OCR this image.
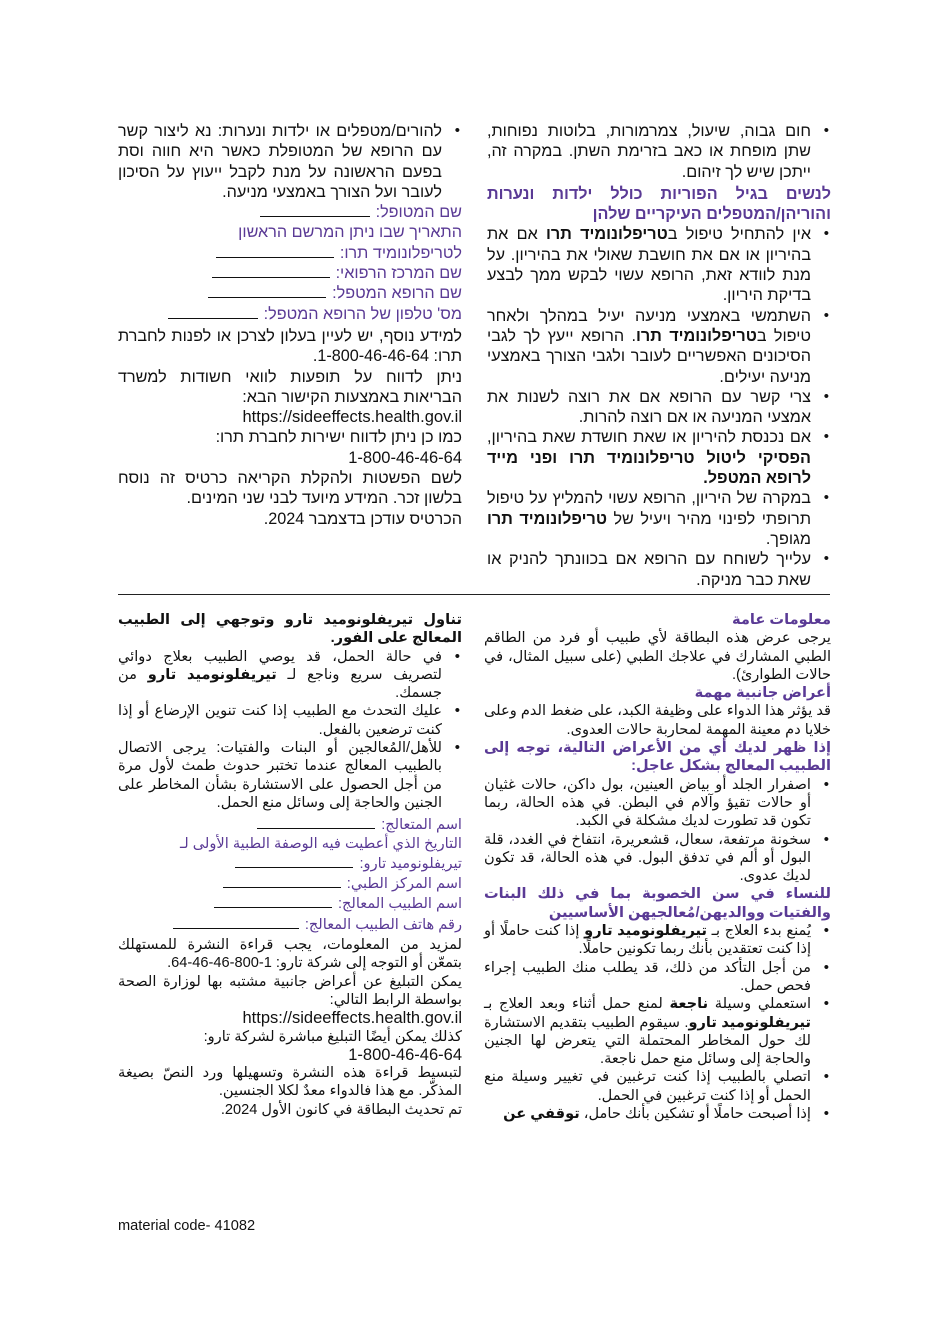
• חום גבוה, שיעול, צמרמורות, בלוטות נפוחות, שתן מופחת או כאב בזרימת השתן. במקרה זה, ייתכן שיש לך זיהום.

לנשים בגיל הפוריות כולל ילדות ונערות והוריהן/המטפלים העיקריים שלהן

• אין להתחיל טיפול בטריפלונומיד תרו אם את בהיריון או אם את חושבת שאולי את בהיריון. על מנת לוודא זאת, הרופא עשוי לבקש ממך לבצע בדיקת היריון.
• השתמשי באמצעי מניעה יעיל במהלך ולאחר טיפול בטריפלונומיד תרו. הרופא ייעץ לך לגבי הסיכונים האפשריים לעובר ולגבי הצורך באמצעי מניעה יעילים.
• צרי קשר עם הרופא אם את רוצה לשנות את אמצעי המניעה או אם רוצה להרות.
• אם נכנסת להיריון או שאת חושדת שאת בהיריון, הפסיקי ליטול טריפלונומיד תרו ופני מייד לרופא המטפל.
• במקרה של היריון, הרופא עשוי להמליץ על טיפול תרופתי לפינוי מהיר ויעיל של טריפלונומיד תרו מגופך.
• עלייך לשוחח עם הרופא אם בכוונתך להניק או שאת כבר מניקה.
• להורים/מטפלים או ילדות ונערות: נא ליצור קשר עם הרופא של המטופלת כאשר היא חווה וסת בפעם הראשונה על מנת לקבל ייעוץ על הסיכון לעובר ועל הצורך באמצעי מניעה.

שם המטופל:

התאריך שבו ניתן המרשם הראשון

לטריפלונומיד תרו:

שם המרכז הרפואי:

שם הרופא המטפל:

מס' טלפון של הרופא המטפל:

למידע נוסף, יש לעיין בעלון לצרכן או לפנות לחברת תרו: 1-800-46-46-64.

ניתן לדווח על תופעות לוואי חשודות למשרד הבריאות באמצעות הקישור הבא:

https://sideeffects.health.gov.il

כמו כן ניתן לדווח ישירות לחברת תרו:

1-800-46-46-64

לשם הפשטות ולהקלת הקריאה כרטיס זה נוסח בלשון זכר. המידע מיועד לבני שני המינים.

הכרטיס עודכן בדצמבר 2024.

معلومات عامة

يرجى عرض هذه البطاقة لأي طبيب أو فرد من الطاقم الطبي المشارك في علاجك الطبي (على سبيل المثال، في حالات الطوارئ).

أعراض جانبية مهمة

قد يؤثر هذا الدواء على وظيفة الكبد، على ضغط الدم وعلى خلايا دم معينة المهمة لمحاربة حالات العدوى.

إذا ظهر لديك أي من الأعراض التالية، توجه إلى الطبيب المعالج بشكل عاجل:

• اصفرار الجلد أو بياض العينين، بول داكن، حالات غثيان أو حالات تقيؤ وآلام في البطن. في هذه الحالة، ربما تكون قد تطورت لديك مشكلة في الكبد.
• سخونة مرتفعة، سعال، قشعريرة، انتفاخ في الغدد، قلة البول أو ألم في تدفق البول. في هذه الحالة، قد تكون لديك عدوى.

للنساء في سن الخصوبة بما في ذلك البنات والفتيات ووالديهن/مُعالجيهن الأساسيين

• يُمنع بدء العلاج بـ تيريفلونوميد تارو إذا كنت حاملًا أو إذا كنت تعتقدين بأنك ربما تكونين حاملًا.
• من أجل التأكد من ذلك، قد يطلب منك الطبيب إجراء فحص حمل.
• استعملي وسيلة ناجعة لمنع حمل أثناء وبعد العلاج بـ تيريفلونوميد تارو. سيقوم الطبيب بتقديم الاستشارة لك حول المخاطر المحتملة التي يتعرض لها الجنين والحاجة إلى وسائل منع حمل ناجعة.
• اتصلي بالطبيب إذا كنت ترغبين في تغيير وسيلة منع الحمل أو إذا كنت ترغبين في الحمل.
• إذا أصبحت حاملًا أو تشكين بأنك حامل، توقفي عن

تناول تيريفلونوميد تارو وتوجهي إلى الطبيب المعالج على الفور.

• في حالة الحمل، قد يوصي الطبيب بعلاج دوائي لتصريف سريع وناجع لـ تيريفلونوميد تارو من جسمك.
• عليك التحدث مع الطبيب إذا كنت تنوين الإرضاع أو إذا كنت ترضعين بالفعل.
• للأهل/المُعالجين أو البنات والفتيات: يرجى الاتصال بالطبيب المعالج عندما تختبر حدوث طمث لأول مرة من أجل الحصول على الاستشارة بشأن المخاطر على الجنين والحاجة إلى وسائل منع الحمل.

اسم المتعالج:

التاريخ الذي أعطيت فيه الوصفة الطبية الأولى لـ

تيريفلونوميد تارو:

اسم المركز الطبي:

اسم الطبيب المعالج:

رقم هاتف الطبيب المعالج:

لمزيد من المعلومات، يجب قراءة النشرة للمستهلك بتمعّن أو التوجه إلى شركة تارو: 1-800-46-46-64.

يمكن التبليغ عن أعراض جانبية مشتبه بها لوزارة الصحة بواسطة الرابط التالي:

https://sideeffects.health.gov.il

كذلك يمكن أيضًا التبليغ مباشرة لشركة تارو:

1-800-46-46-64

لتبسيط قراءة هذه النشرة وتسهيلها ورد النصّ بصيغة المذكّر. مع هذا فالدواء معدٌ لكلا الجنسين.

تم تحديث البطاقة في كانون الأول 2024.

material code- 41082
